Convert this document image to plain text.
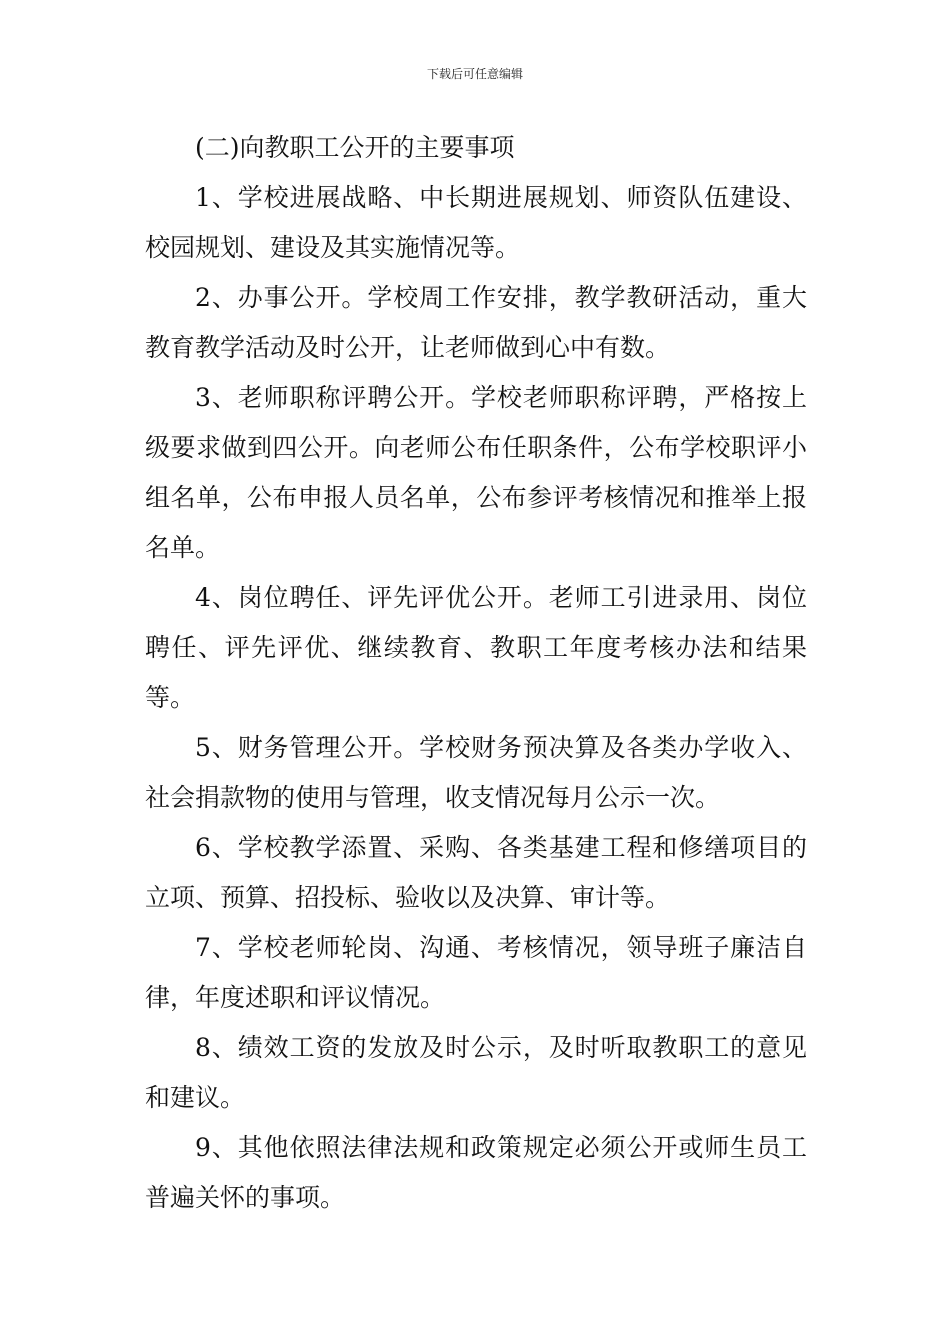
下载后可任意编辑

(二)向教职工公开的主要事项

1、学校进展战略、中长期进展规划、师资队伍建设、校园规划、建设及其实施情况等。

2、办事公开。学校周工作安排，教学教研活动，重大教育教学活动及时公开，让老师做到心中有数。

3、老师职称评聘公开。学校老师职称评聘，严格按上级要求做到四公开。向老师公布任职条件，公布学校职评小组名单，公布申报人员名单，公布参评考核情况和推举上报名单。

4、岗位聘任、评先评优公开。老师工引进录用、岗位聘任、评先评优、继续教育、教职工年度考核办法和结果等。

5、财务管理公开。学校财务预决算及各类办学收入、社会捐款物的使用与管理，收支情况每月公示一次。

6、学校教学添置、采购、各类基建工程和修缮项目的立项、预算、招投标、验收以及决算、审计等。

7、学校老师轮岗、沟通、考核情况，领导班子廉洁自律，年度述职和评议情况。

8、绩效工资的发放及时公示，及时听取教职工的意见和建议。

9、其他依照法律法规和政策规定必须公开或师生员工普遍关怀的事项。
